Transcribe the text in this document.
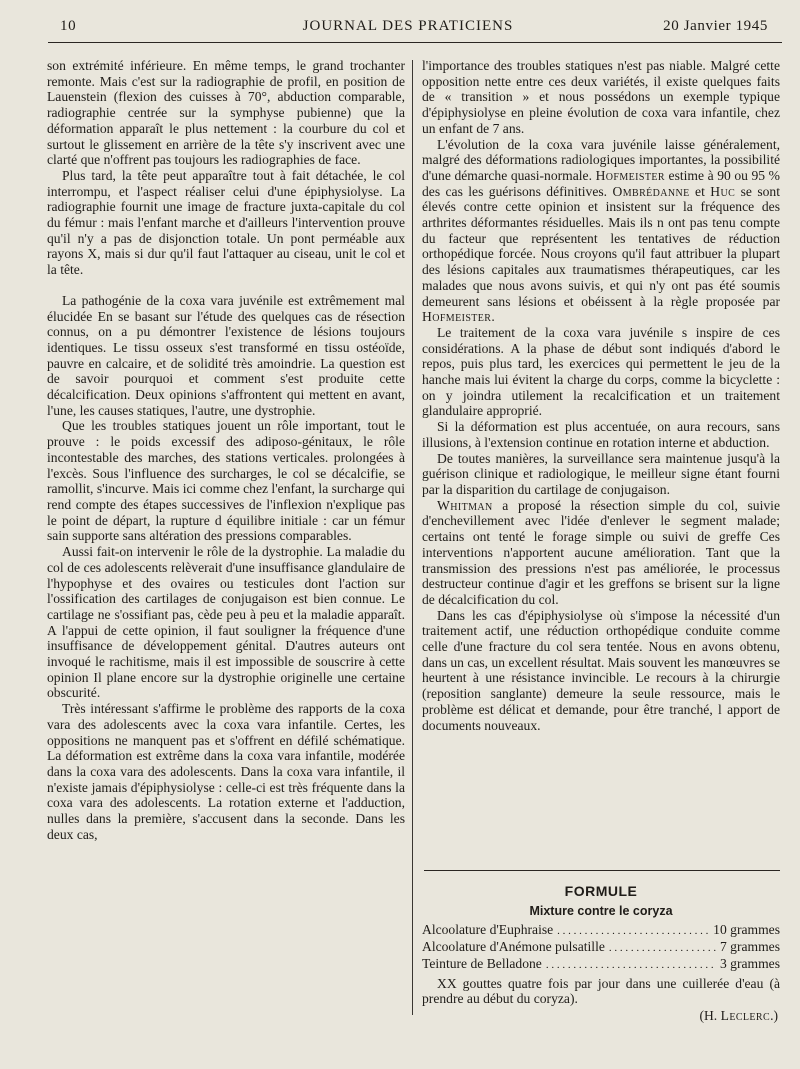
10	JOURNAL DES PRATICIENS	20 Janvier 1945

son extrémité inférieure. En même temps, le grand trochanter remonte. Mais c'est sur la radiographie de profil, en position de Lauenstein (flexion des cuisses à 70°, abduction comparable, radiographie centrée sur la symphyse pubienne) que la déformation apparaît le plus nettement : la courbure du col et surtout le glissement en arrière de la tête s'y inscrivent avec une clarté que n'offrent pas toujours les radiographies de face.

Plus tard, la tête peut apparaître tout à fait détachée, le col interrompu, et l'aspect réaliser celui d'une épiphysiolyse. La radiographie fournit une image de fracture juxta-capitale du col du fémur : mais l'enfant marche et d'ailleurs l'intervention prouve qu'il n'y a pas de disjonction totale. Un pont perméable aux rayons X, mais si dur qu'il faut l'attaquer au ciseau, unit le col et la tête.

La pathogénie de la coxa vara juvénile est extrêmement mal élucidée En se basant sur l'étude des quelques cas de résection connus, on a pu démontrer l'existence de lésions toujours identiques. Le tissu osseux s'est transformé en tissu ostéoïde, pauvre en calcaire, et de solidité très amoindrie. La question est de savoir pourquoi et comment s'est produite cette décalcification. Deux opinions s'affrontent qui mettent en avant, l'une, les causes statiques, l'autre, une dystrophie.

Que les troubles statiques jouent un rôle important, tout le prouve : le poids excessif des adiposo-génitaux, le rôle incontestable des marches, des stations verticales. prolongées à l'excès. Sous l'influence des surcharges, le col se décalcifie, se ramollit, s'incurve. Mais ici comme chez l'enfant, la surcharge qui rend compte des étapes successives de l'inflexion n'explique pas le point de départ, la rupture d équilibre initiale : car un fémur sain supporte sans altération des pressions comparables.

Aussi fait-on intervenir le rôle de la dystrophie. La maladie du col de ces adolescents relèverait d'une insuffisance glandulaire de l'hypophyse et des ovaires ou testicules dont l'action sur l'ossification des cartilages de conjugaison est bien connue. Le cartilage ne s'ossifiant pas, cède peu à peu et la maladie apparaît. A l'appui de cette opinion, il faut souligner la fréquence d'une insuffisance de développement génital. D'autres auteurs ont invoqué le rachitisme, mais il est impossible de souscrire à cette opinion Il plane encore sur la dystrophie originelle une certaine obscurité.

Très intéressant s'affirme le problème des rapports de la coxa vara des adolescents avec la coxa vara infantile. Certes, les oppositions ne manquent pas et s'offrent en défilé schématique. La déformation est extrême dans la coxa vara infantile, modérée dans la coxa vara des adolescents. Dans la coxa vara infantile, il n'existe jamais d'épiphysiolyse : celle-ci est très fréquente dans la coxa vara des adolescents. La rotation externe et l'adduction, nulles dans la première, s'accusent dans la seconde. Dans les deux cas,

l'importance des troubles statiques n'est pas niable. Malgré cette opposition nette entre ces deux variétés, il existe quelques faits de « transition » et nous possédons un exemple typique d'épiphysiolyse en pleine évolution de coxa vara infantile, chez un enfant de 7 ans.

L'évolution de la coxa vara juvénile laisse généralement, malgré des déformations radiologiques importantes, la possibilité d'une démarche quasi-normale. Hofmeister estime à 90 ou 95 % des cas les guérisons définitives. Ombrédanne et Huc se sont élevés contre cette opinion et insistent sur la fréquence des arthrites déformantes résiduelles. Mais ils n ont pas tenu compte du facteur que représentent les tentatives de réduction orthopédique forcée. Nous croyons qu'il faut attribuer la plupart des lésions capitales aux traumatismes thérapeutiques, car les malades que nous avons suivis, et qui n'y ont pas été soumis demeurent sans lésions et obéissent à la règle proposée par Hofmeister.

Le traitement de la coxa vara juvénile s inspire de ces considérations. A la phase de début sont indiqués d'abord le repos, puis plus tard, les exercices qui permettent le jeu de la hanche mais lui évitent la charge du corps, comme la bicyclette : on y joindra utilement la recalcification et un traitement glandulaire approprié.

Si la déformation est plus accentuée, on aura recours, sans illusions, à l'extension continue en rotation interne et abduction.

De toutes manières, la surveillance sera maintenue jusqu'à la guérison clinique et radiologique, le meilleur signe étant fourni par la disparition du cartilage de conjugaison.

Whitman a proposé la résection simple du col, suivie d'enchevillement avec l'idée d'enlever le segment malade; certains ont tenté le forage simple ou suivi de greffe Ces interventions n'apportent aucune amélioration. Tant que la transmission des pressions n'est pas améliorée, le processus destructeur continue d'agir et les greffons se brisent sur la ligne de décalcification du col.

Dans les cas d'épiphysiolyse où s'impose la nécessité d'un traitement actif, une réduction orthopédique conduite comme celle d'une fracture du col sera tentée. Nous en avons obtenu, dans un cas, un excellent résultat. Mais souvent les manœuvres se heurtent à une résistance invincible. Le recours à la chirurgie (reposition sanglante) demeure la seule ressource, mais le problème est délicat et demande, pour être tranché, l apport de documents nouveaux.

FORMULE
Mixture contre le coryza
Alcoolature d'Euphraise . . .	10 grammes
Alcoolature d'Anémone pulsatille . . .	7 grammes
Teinture de Belladone . . .	3 grammes
XX gouttes quatre fois par jour dans une cuillerée d'eau (à prendre au début du coryza).
(H. Leclerc.)
